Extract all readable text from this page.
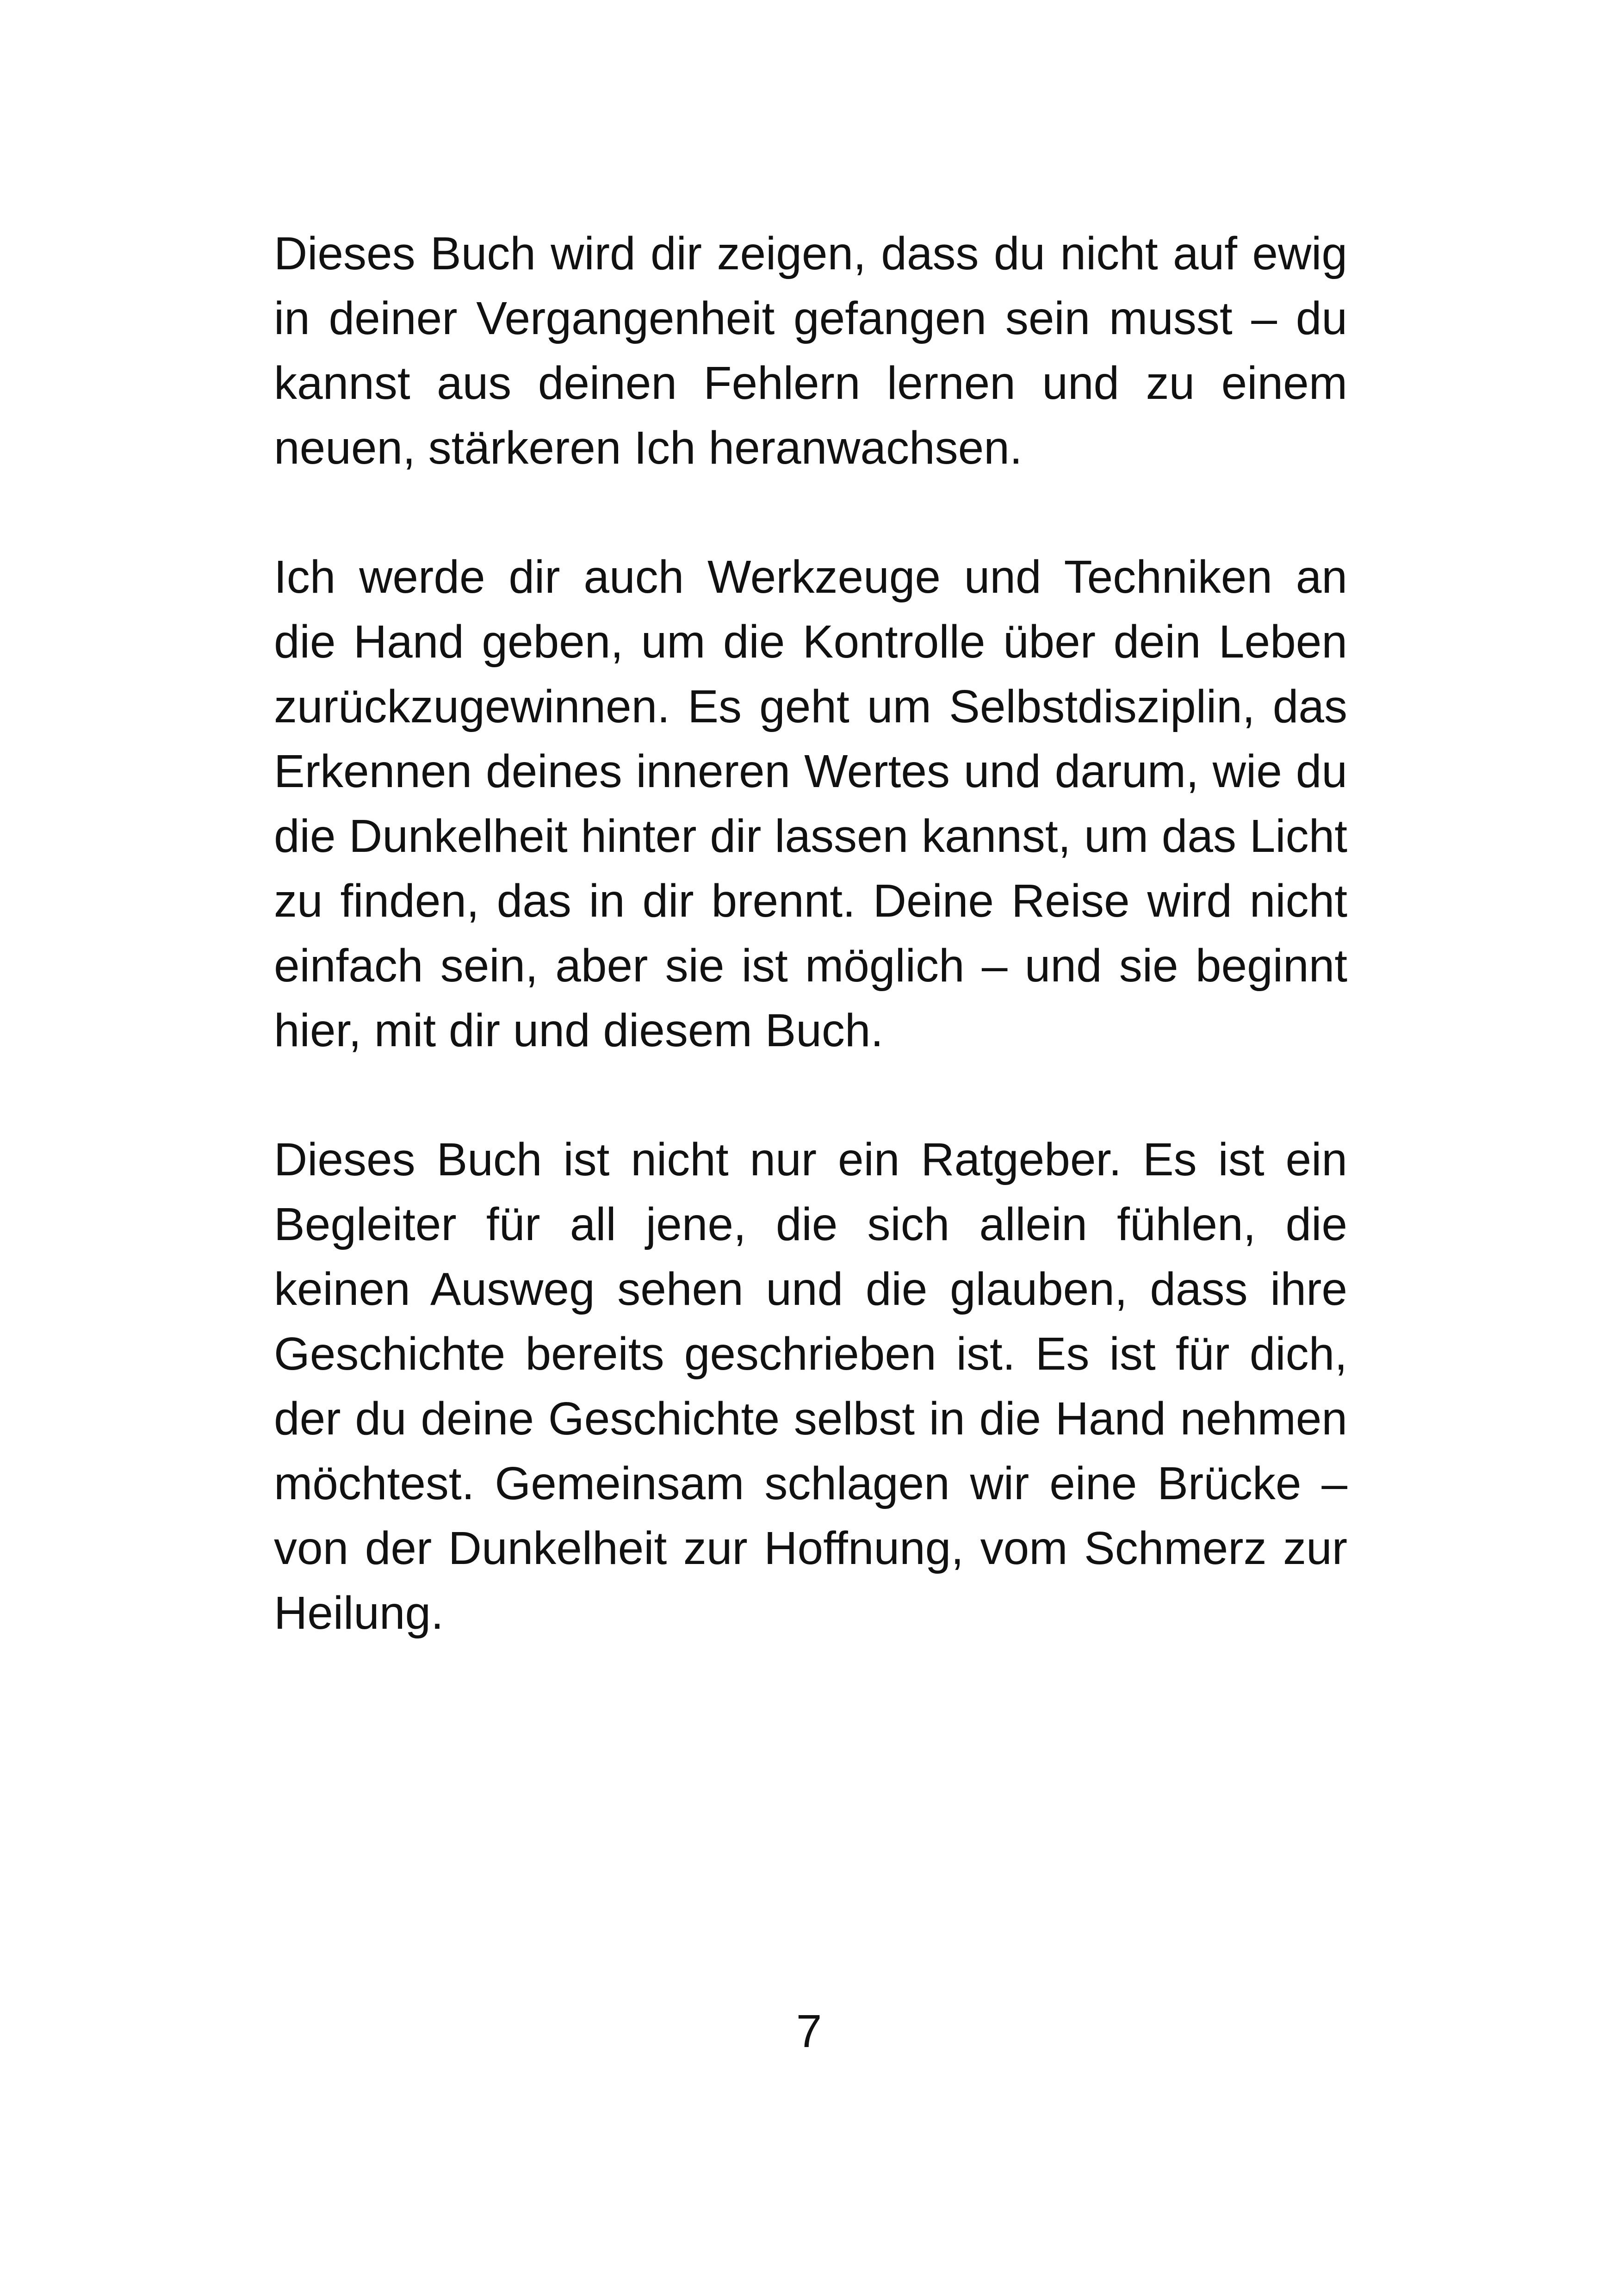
Dieses Buch wird dir zeigen, dass du nicht auf ewig
in deiner Vergangenheit gefangen sein musst – du
kannst aus deinen Fehlern lernen und zu einem
neuen, stärkeren Ich heranwachsen.
Ich werde dir auch Werkzeuge und Techniken an
die Hand geben, um die Kontrolle über dein Leben
zurückzugewinnen. Es geht um Selbstdisziplin, das
Erkennen deines inneren Wertes und darum, wie du
die Dunkelheit hinter dir lassen kannst, um das Licht
zu finden, das in dir brennt. Deine Reise wird nicht
einfach sein, aber sie ist möglich – und sie beginnt
hier, mit dir und diesem Buch.
Dieses Buch ist nicht nur ein Ratgeber. Es ist ein
Begleiter für all jene, die sich allein fühlen, die
keinen Ausweg sehen und die glauben, dass ihre
Geschichte bereits geschrieben ist. Es ist für dich,
der du deine Geschichte selbst in die Hand nehmen
möchtest. Gemeinsam schlagen wir eine Brücke –
von der Dunkelheit zur Hoffnung, vom Schmerz zur
Heilung.
7
